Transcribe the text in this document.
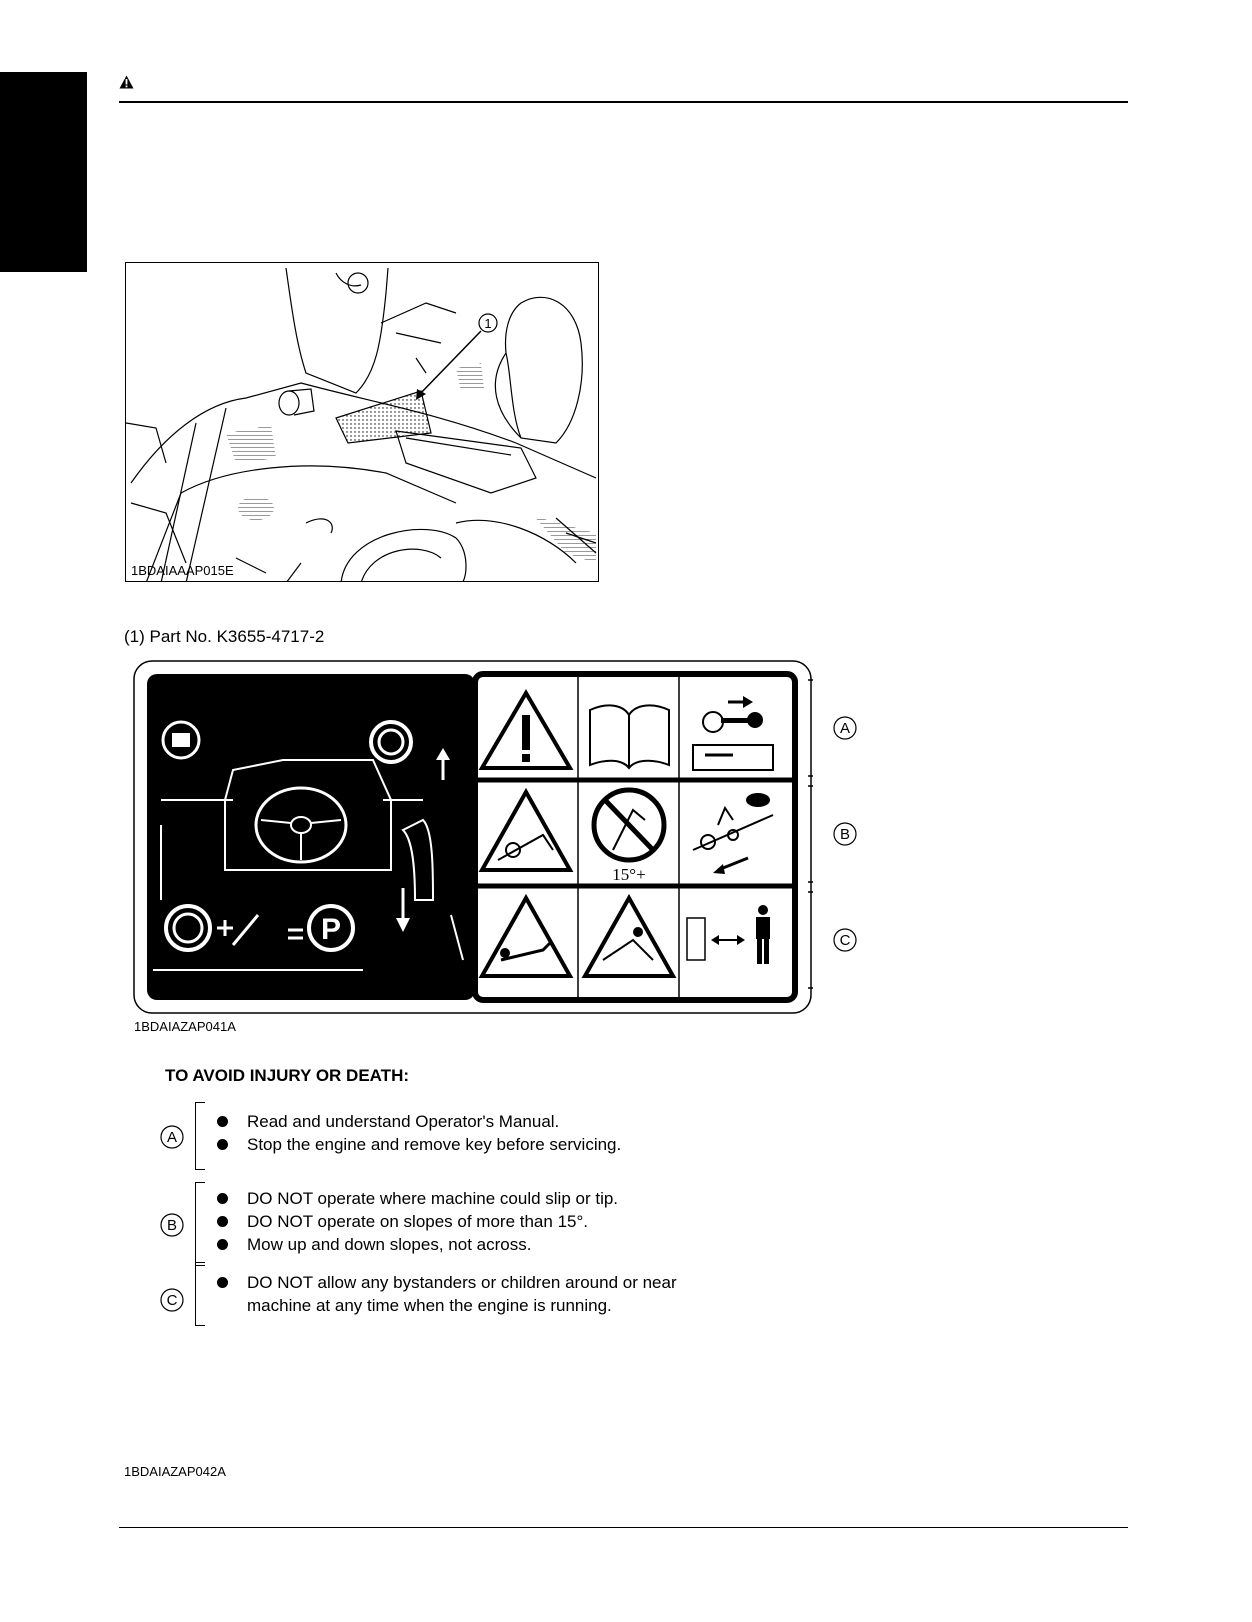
1
1BDAIAAAP015E
(1) Part No. K3655-4717-2
P
15°+
A
B
C
1BDAIAZAP041A
TO AVOID INJURY OR DEATH:
A
Read and understand Operator's Manual.
Stop the engine and remove key before servicing.
B
DO NOT operate where machine could slip or tip.
DO NOT operate on slopes of more than 15°.
Mow up and down slopes, not across.
C
DO NOT allow any bystanders or children around or near
machine at any time when the engine is running.
1BDAIAZAP042A
